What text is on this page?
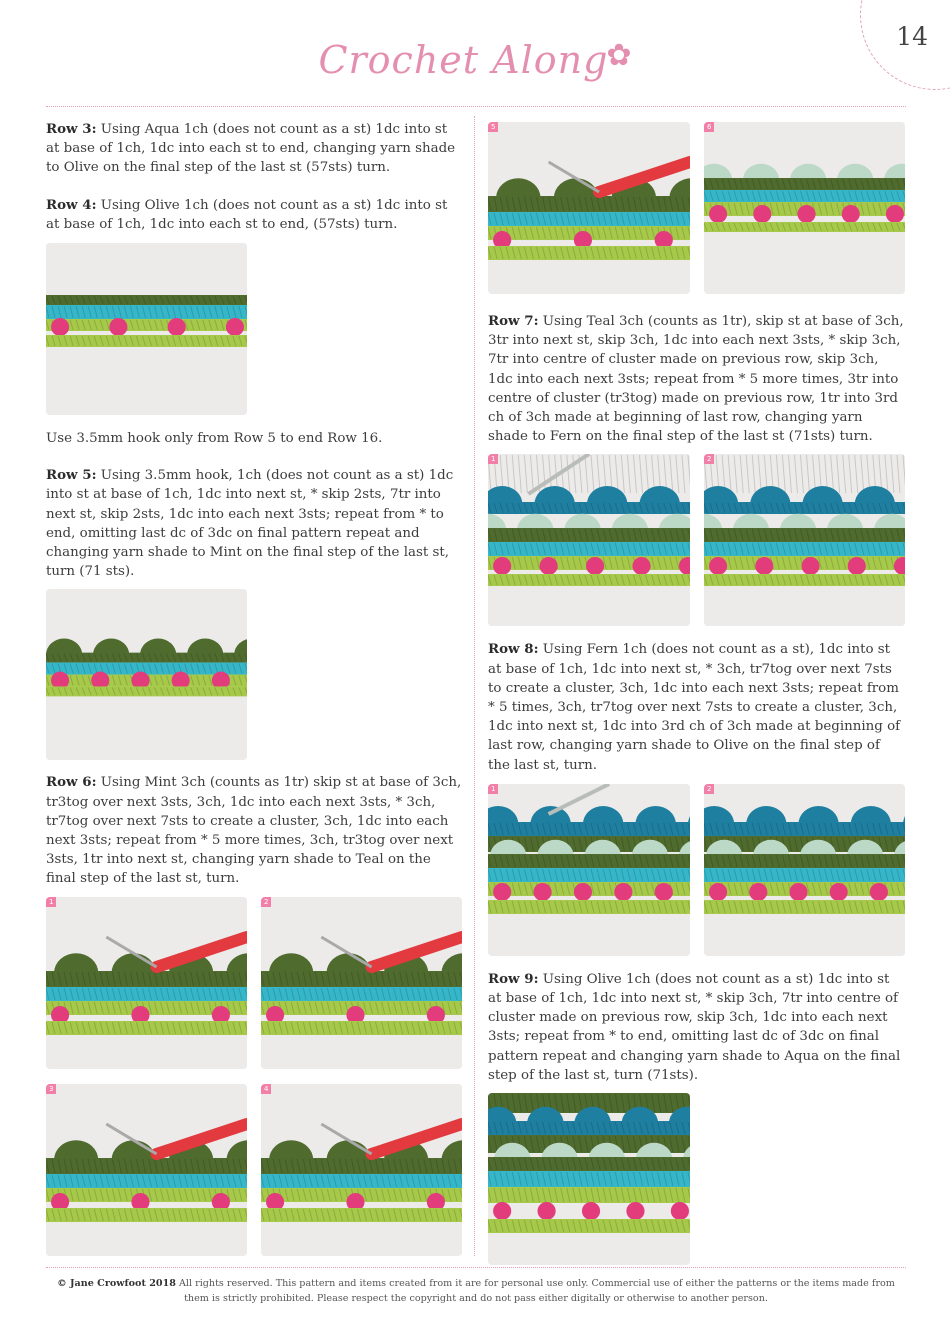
14
Crochet Along✿

Row 3: Using Aqua 1ch (does not count as a st) 1dc into st at base of 1ch, 1dc into each st to end, changing yarn shade to Olive on the final step of the last st (57sts) turn.

Row 4: Using Olive 1ch (does not count as a st) 1dc into st at base of 1ch, 1dc into each st to end, (57sts) turn.

Use 3.5mm hook only from Row 5 to end Row 16.

Row 5: Using 3.5mm hook, 1ch (does not count as a st) 1dc into st at base of 1ch, 1dc into next st, * skip 2sts, 7tr into next st, skip 2sts, 1dc into each next 3sts; repeat from * to end, omitting last dc of 3dc on final pattern repeat and changing yarn shade to Mint on the final step of the last st, turn (71 sts).

Row 6: Using Mint 3ch (counts as 1tr) skip st at base of 3ch, tr3tog over next 3sts, 3ch, 1dc into each next 3sts, * 3ch, tr7tog over next 7sts to create a cluster, 3ch, 1dc into each next 3sts; repeat from * 5 more times, 3ch, tr3tog over next 3sts, 1tr into next st, changing yarn shade to Teal on the final step of the last st, turn.

1	2
3	4
5	6

Row 7: Using Teal 3ch (counts as 1tr), skip st at base of 3ch, 3tr into next st, skip 3ch, 1dc into each next 3sts, * skip 3ch, 7tr into centre of cluster made on previous row, skip 3ch, 1dc into each next 3sts; repeat from * 5 more times, 3tr into centre of cluster (tr3tog) made on previous row, 1tr into 3rd ch of 3ch made at beginning of last row, changing yarn shade to Fern on the final step of the last st (71sts) turn.

1	2

Row 8: Using Fern 1ch (does not count as a st), 1dc into st at base of 1ch, 1dc into next st, * 3ch, tr7tog over next 7sts to create a cluster, 3ch, 1dc into each next 3sts; repeat from * 5 times, 3ch, tr7tog over next 7sts to create a cluster, 3ch, 1dc into next st, 1dc into 3rd ch of 3ch made at beginning of last row, changing yarn shade to Olive on the final step of the last st, turn.

1	2

Row 9: Using Olive 1ch (does not count as a st) 1dc into st at base of 1ch, 1dc into next st, * skip 3ch, 7tr into centre of cluster made on previous row, skip 3ch, 1dc into each next 3sts; repeat from * to end, omitting last dc of 3dc on final pattern repeat and changing yarn shade to Aqua on the final step of the last st, turn (71sts).

© Jane Crowfoot 2018 All rights reserved. This pattern and items created from it are for personal use only. Commercial use of either the patterns or the items made from them is strictly prohibited. Please respect the copyright and do not pass either digitally or otherwise to another person.
